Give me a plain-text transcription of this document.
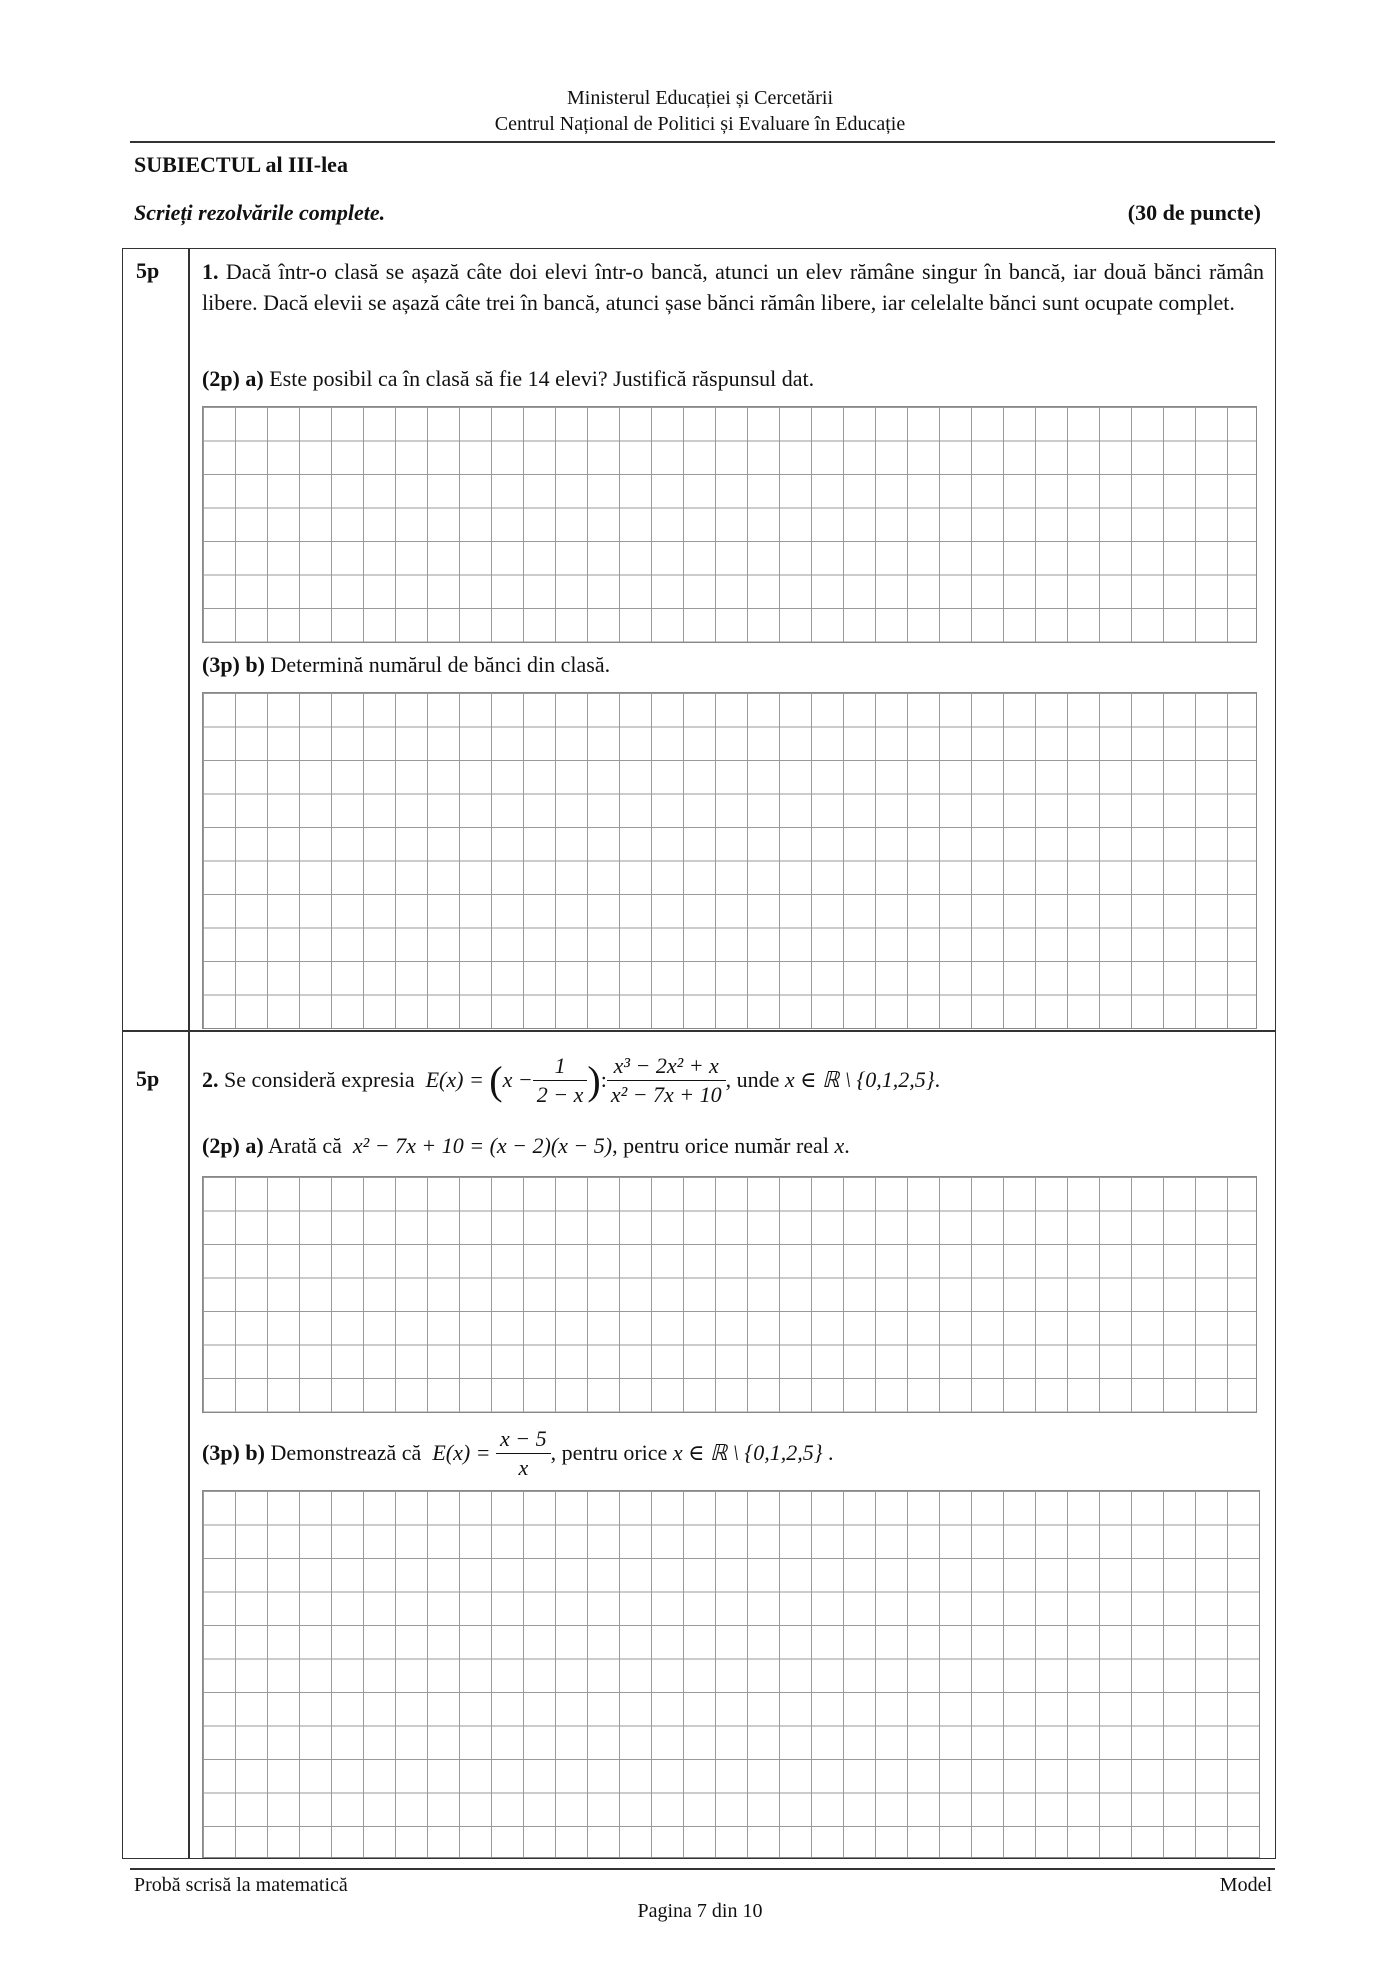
Ministerul Educației și Cercetării
Centrul Național de Politici și Evaluare în Educație
SUBIECTUL al III-lea
Scrieți rezolvările complete.	(30 de puncte)
5p 1. Dacă într-o clasă se așază câte doi elevi într-o bancă, atunci un elev rămâne singur în bancă, iar două bănci rămân libere. Dacă elevii se așază câte trei în bancă, atunci șase bănci rămân libere, iar celelalte bănci sunt ocupate complet.
(2p) a) Este posibil ca în clasă să fie 14 elevi? Justifică răspunsul dat.
(3p) b) Determină numărul de bănci din clasă.
5p 2.
Se consideră expresia
E(x) =
( $x - \frac{1}{2 - x}$ ) : $\frac{\text{x³ − 2x² + x}}{\text{x² − 7x + 10}}$ , unde
x ∈ ℝ \ {0,1,2,5} .
(2p) a) Arată că x² − 7x + 10 = (x − 2)(x − 5), pentru orice număr real x.
(3p)
b)
Demonstrează că
E(x) =
$\frac{x - 5}{x}$ , pentru orice
x ∈ ℝ \ {0,1,2,5}
.
Probă scrisă la matematică	Model
Pagina 7 din 10
